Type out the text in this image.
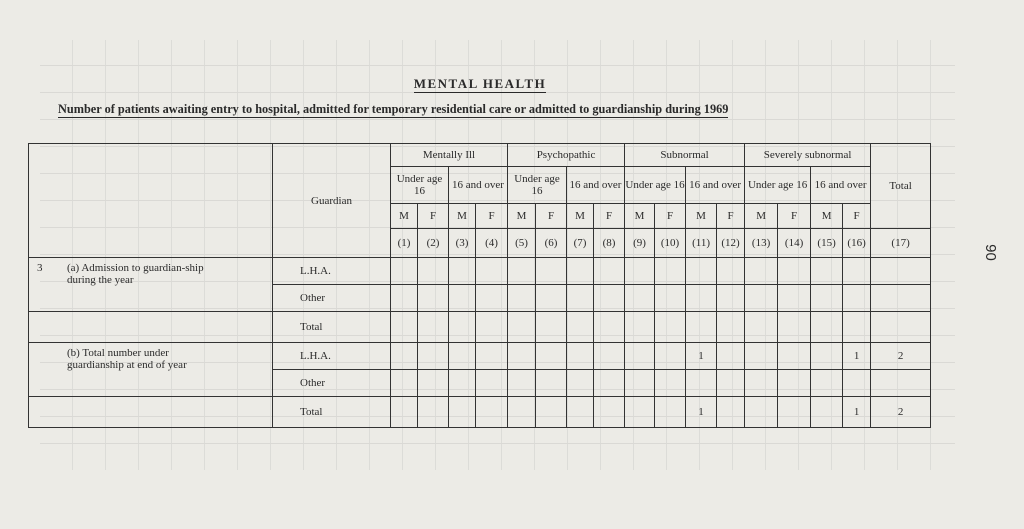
MENTAL HEALTH
Number of patients awaiting entry to hospital, admitted for temporary residential care or admitted to guardianship during 1969
	Guardian	Mentally Ill				Psychopathic				Subnormal				Severely subnormal				Total
		Under age 16		16 and over		Under age 16		16 and over		Under age 16		16 and over		Under age 16		16 and over		
		M	F	M	F	M	F	M	F	M	F	M	F	M	F	M	F	
		(1)	(2)	(3)	(4)	(5)	(6)	(7)	(8)	(9)	(10)	(11)	(12)	(13)	(14)	(15)	(16)	(17)
3 (a) Admission to guardian-ship during the year	L.H.A.																	
	Other																	
	Total																	
(b) Total number under guardianship at end of year	L.H.A.											1					1	2
	Other																	
	Total											1					1	2
90
